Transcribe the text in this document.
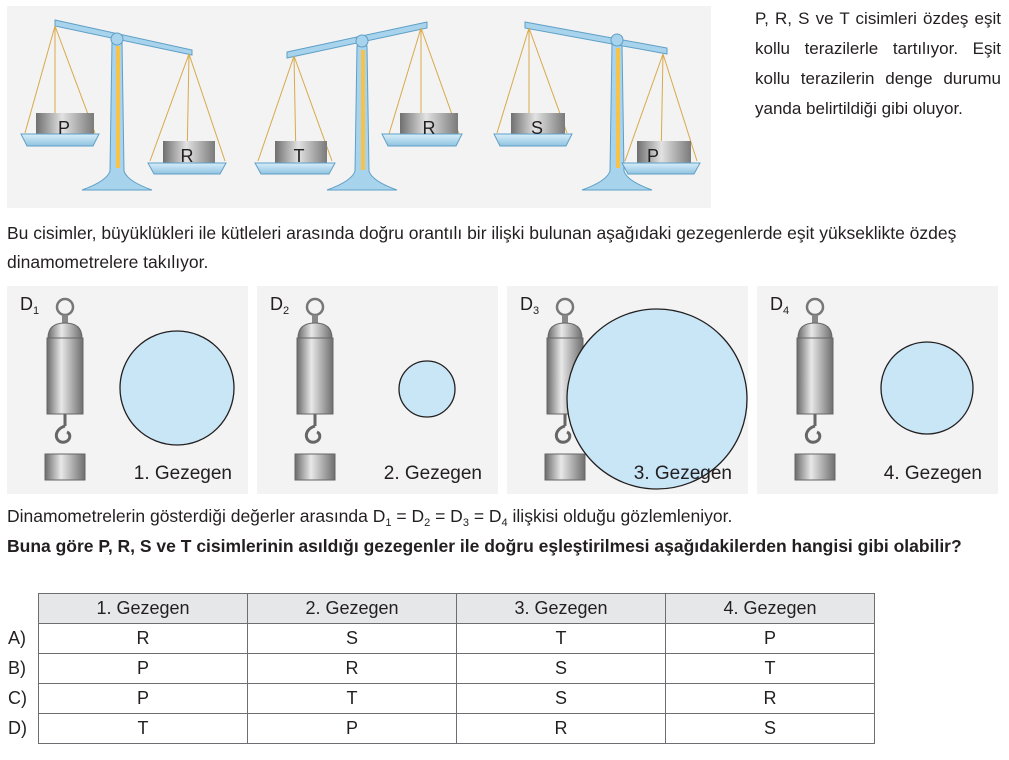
P
R	T
R	S
P
P, R, S ve T cisimleri özdeş eşit kollu terazilerle tartılıyor. Eşit kollu terazilerin denge durumu yanda belirtildiği gibi oluyor.
Bu cisimler, büyüklükleri ile kütleleri arasında doğru orantılı bir ilişki bulunan aşağıdaki gezegenlerde eşit yükseklikte özdeş dinamometrelere takılıyor.
$D_1$
1. Gezegen
$D_2$
2. Gezegen
$D_3$
3. Gezegen
$D_4$
4. Gezegen
Dinamometrelerin gösterdiği değerler arasında $D_1 = D_2 = D_3 = D_4$ ilişkisi olduğu gözlemleniyor.
Buna göre P, R, S ve T cisimlerinin asıldığı gezegenler ile doğru eşleştirilmesi aşağıdakilerden hangisi gibi olabilir?
	1. Gezegen	2. Gezegen	3. Gezegen	4. Gezegen
A)	R	S	T	P
B)	P	R	S	T
C)	P	T	S	R
D)	T	P	R	S
